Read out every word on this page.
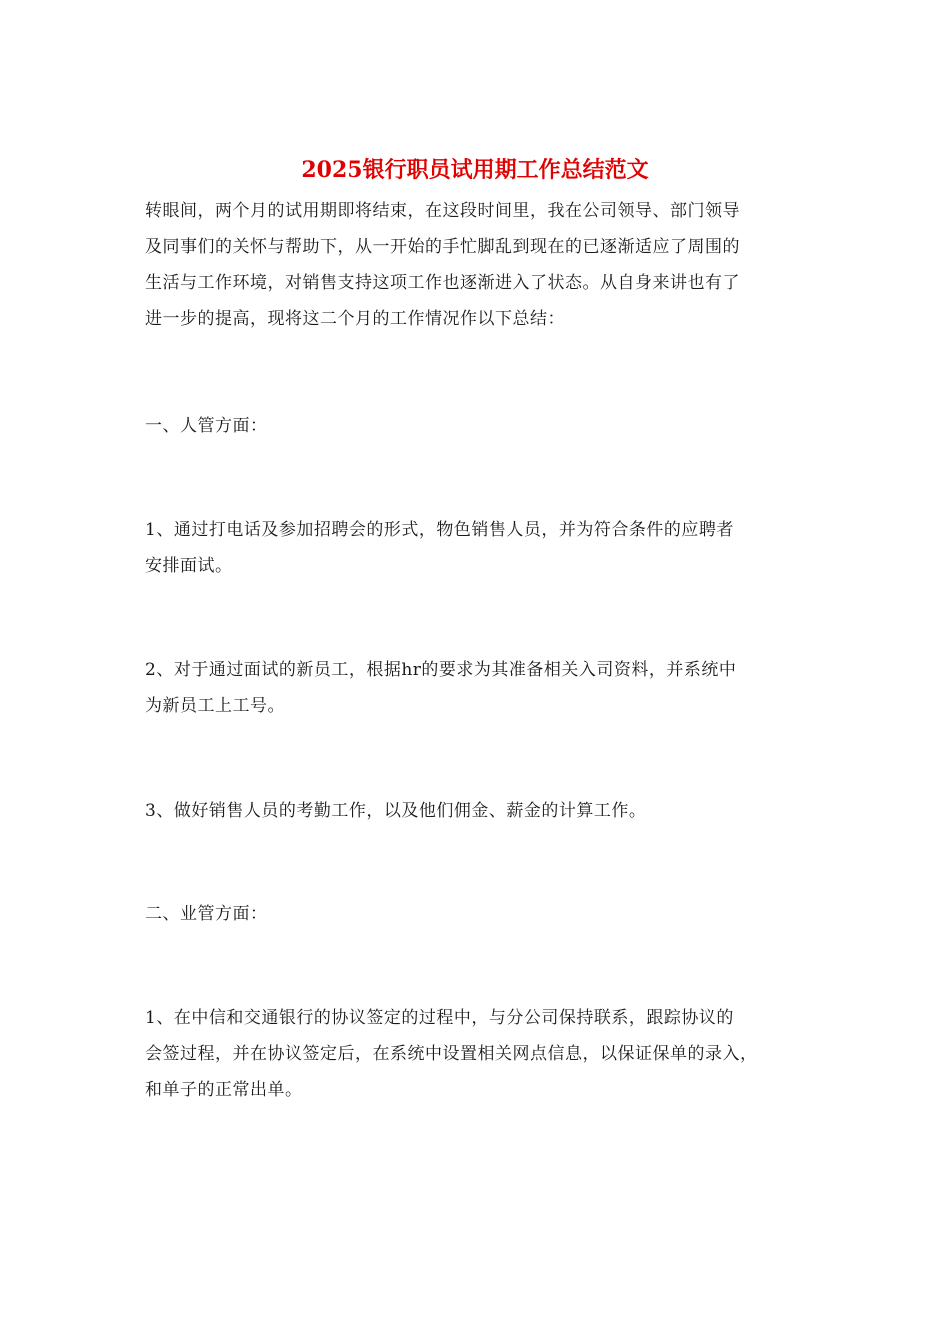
2025银行职员试用期工作总结范文
转眼间，两个月的试用期即将结束，在这段时间里，我在公司领导、部门领导
及同事们的关怀与帮助下，从一开始的手忙脚乱到现在的已逐渐适应了周围的
生活与工作环境，对销售支持这项工作也逐渐进入了状态。从自身来讲也有了
进一步的提高，现将这二个月的工作情况作以下总结：
一、人管方面：
1、通过打电话及参加招聘会的形式，物色销售人员，并为符合条件的应聘者
安排面试。
2、对于通过面试的新员工，根据hr的要求为其准备相关入司资料，并系统中
为新员工上工号。
3、做好销售人员的考勤工作，以及他们佣金、薪金的计算工作。
二、业管方面：
1、在中信和交通银行的协议签定的过程中，与分公司保持联系，跟踪协议的
会签过程，并在协议签定后，在系统中设置相关网点信息，以保证保单的录入，
和单子的正常出单。
